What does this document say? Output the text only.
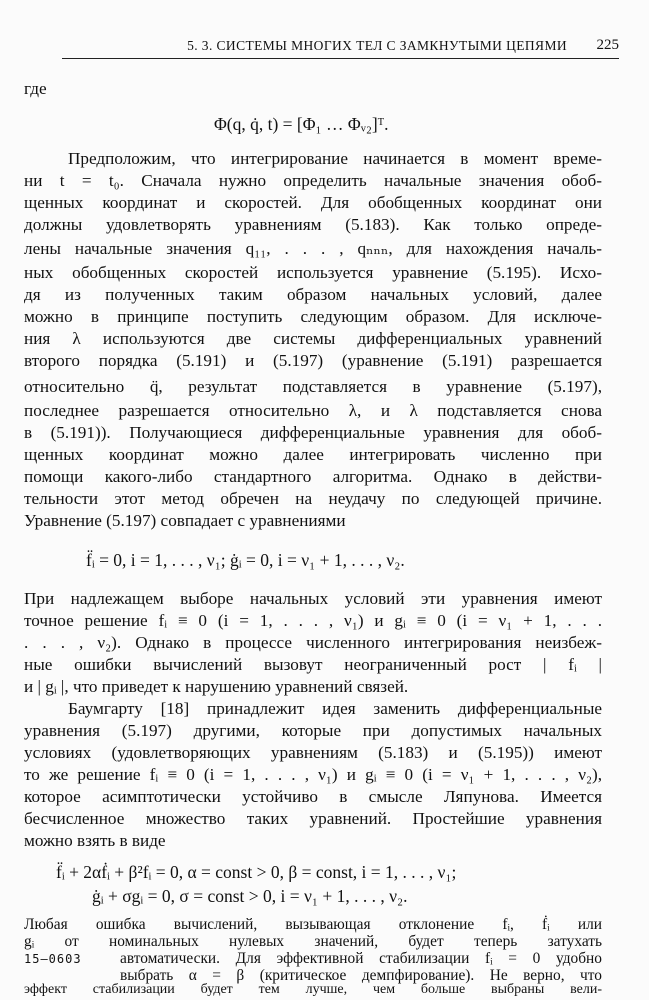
5. 3. СИСТЕМЫ МНОГИХ ТЕЛ С ЗАМКНУТЫМИ ЦЕПЯМИ 225
где
Φ(q, q̇, t) = [Φ₁ … Φᵥ₂]ᵀ.
Предположим, что интегрирование начинается в момент време-
ни t = t₀. Сначала нужно определить начальные значения обоб-
щенных координат и скоростей. Для обобщенных координат они
должны удовлетворять уравнениям (5.183). Как только опреде-
лены начальные значения q₁₁, . . . , qₙₙₙ, для нахождения началь-
ных обобщенных скоростей используется уравнение (5.195). Исхо-
дя из полученных таким образом начальных условий, далее
можно в принципе поступить следующим образом. Для исключе-
ния λ используются две системы дифференциальных уравнений
второго порядка (5.191) и (5.197) (уравнение (5.191) разрешается
относительно q̈, результат подставляется в уравнение (5.197),
последнее разрешается относительно λ, и λ подставляется снова
в (5.191)). Получающиеся дифференциальные уравнения для обоб-
щенных координат можно далее интегрировать численно при
помощи какого-либо стандартного алгоритма. Однако в действи-
тельности этот метод обречен на неудачу по следующей причине.
Уравнение (5.197) совпадает с уравнениями
f̈ᵢ = 0, i = 1, . . . , ν₁; ġᵢ = 0, i = ν₁ + 1, . . . , ν₂.
При надлежащем выборе начальных условий эти уравнения имеют
точное решение fᵢ ≡ 0 (i = 1, . . . , ν₁) и gᵢ ≡ 0 (i = ν₁ + 1, . . .
. . . , ν₂). Однако в процессе численного интегрирования неизбеж-
ные ошибки вычислений вызовут неограниченный рост | fᵢ |
и | gᵢ |, что приведет к нарушению уравнений связей.
Баумгарту [18] принадлежит идея заменить дифференциальные
уравнения (5.197) другими, которые при допустимых начальных
условиях (удовлетворяющих уравнениям (5.183) и (5.195)) имеют
то же решение fᵢ ≡ 0 (i = 1, . . . , ν₁) и gᵢ ≡ 0 (i = ν₁ + 1, . . . , ν₂),
которое асимптотически устойчиво в смысле Ляпунова. Имеется
бесчисленное множество таких уравнений. Простейшие уравнения
можно взять в виде
f̈ᵢ + 2αḟᵢ + β²fᵢ = 0, α = const > 0, β = const, i = 1, . . . , ν₁;
ġᵢ + σgᵢ = 0, σ = const > 0, i = ν₁ + 1, . . . , ν₂.
15–0603
Любая ошибка вычислений, вызывающая отклонение fᵢ, ḟᵢ или
gᵢ от номинальных нулевых значений, будет теперь затухать
автоматически. Для эффективной стабилизации fᵢ = 0 удобно
выбрать α = β (критическое демпфирование). Не верно, что
эффект стабилизации будет тем лучше, чем больше выбраны вели-
